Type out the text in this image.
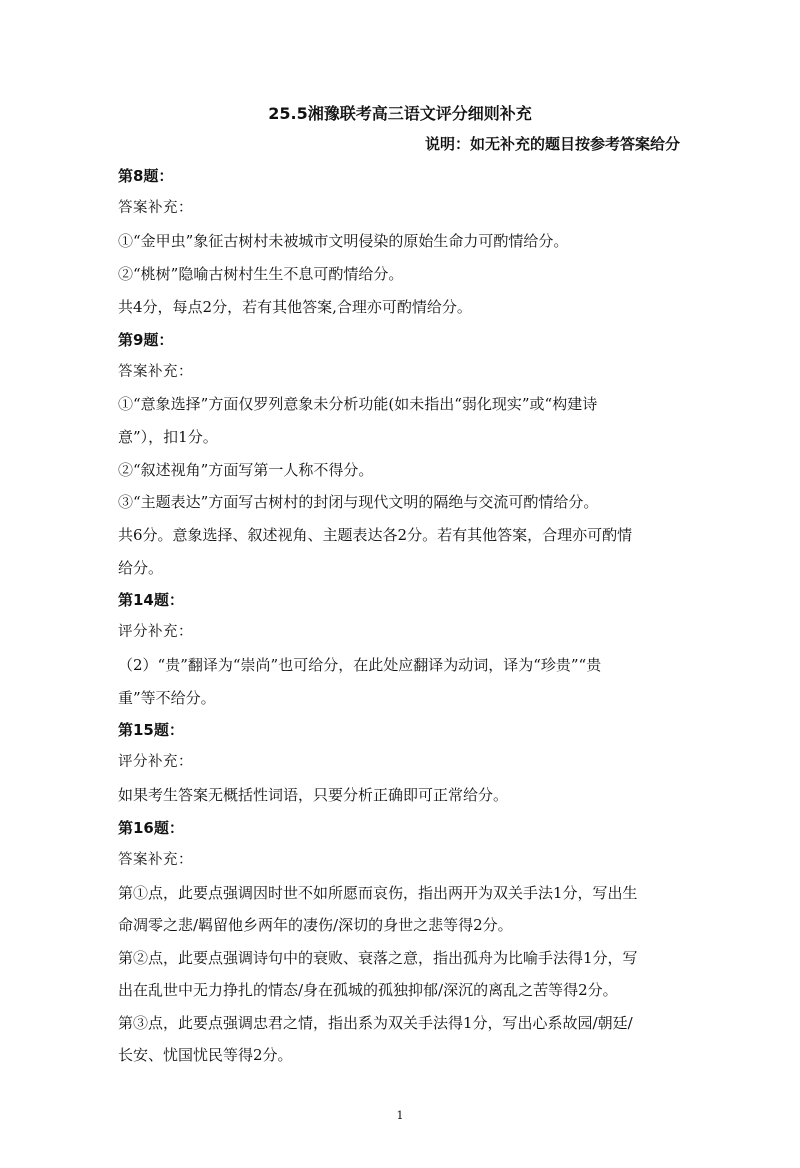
25.5湘豫联考高三语文评分细则补充
说明：如无补充的题目按参考答案给分
第8题：
答案补充：
①“金甲虫”象征古树村未被城市文明侵染的原始生命力可酌情给分。
②“桃树”隐喻古树村生生不息可酌情给分。
共4分，每点2分，若有其他答案,合理亦可酌情给分。
第9题：
答案补充：
①“意象选择”方面仅罗列意象未分析功能(如未指出“弱化现实”或“构建诗
意”），扣1分。
②“叙述视角”方面写第一人称不得分。
③“主题表达”方面写古树村的封闭与现代文明的隔绝与交流可酌情给分。
共6分。意象选择、叙述视角、主题表达各2分。若有其他答案，合理亦可酌情
给分。
第14题：
评分补充：
（2）“贵”翻译为“崇尚”也可给分，在此处应翻译为动词，译为“珍贵”“贵
重”等不给分。
第15题：
评分补充：
如果考生答案无概括性词语，只要分析正确即可正常给分。
第16题：
答案补充：
第①点，此要点强调因时世不如所愿而哀伤，指出两开为双关手法1分，写出生
命凋零之悲/羁留他乡两年的凄伤/深切的身世之悲等得2分。
第②点，此要点强调诗句中的衰败、衰落之意，指出孤舟为比喻手法得1分，写
出在乱世中无力挣扎的情态/身在孤城的孤独抑郁/深沉的离乱之苦等得2分。
第③点，此要点强调忠君之情，指出系为双关手法得1分，写出心系故园/朝廷/
长安、忧国忧民等得2分。
1
